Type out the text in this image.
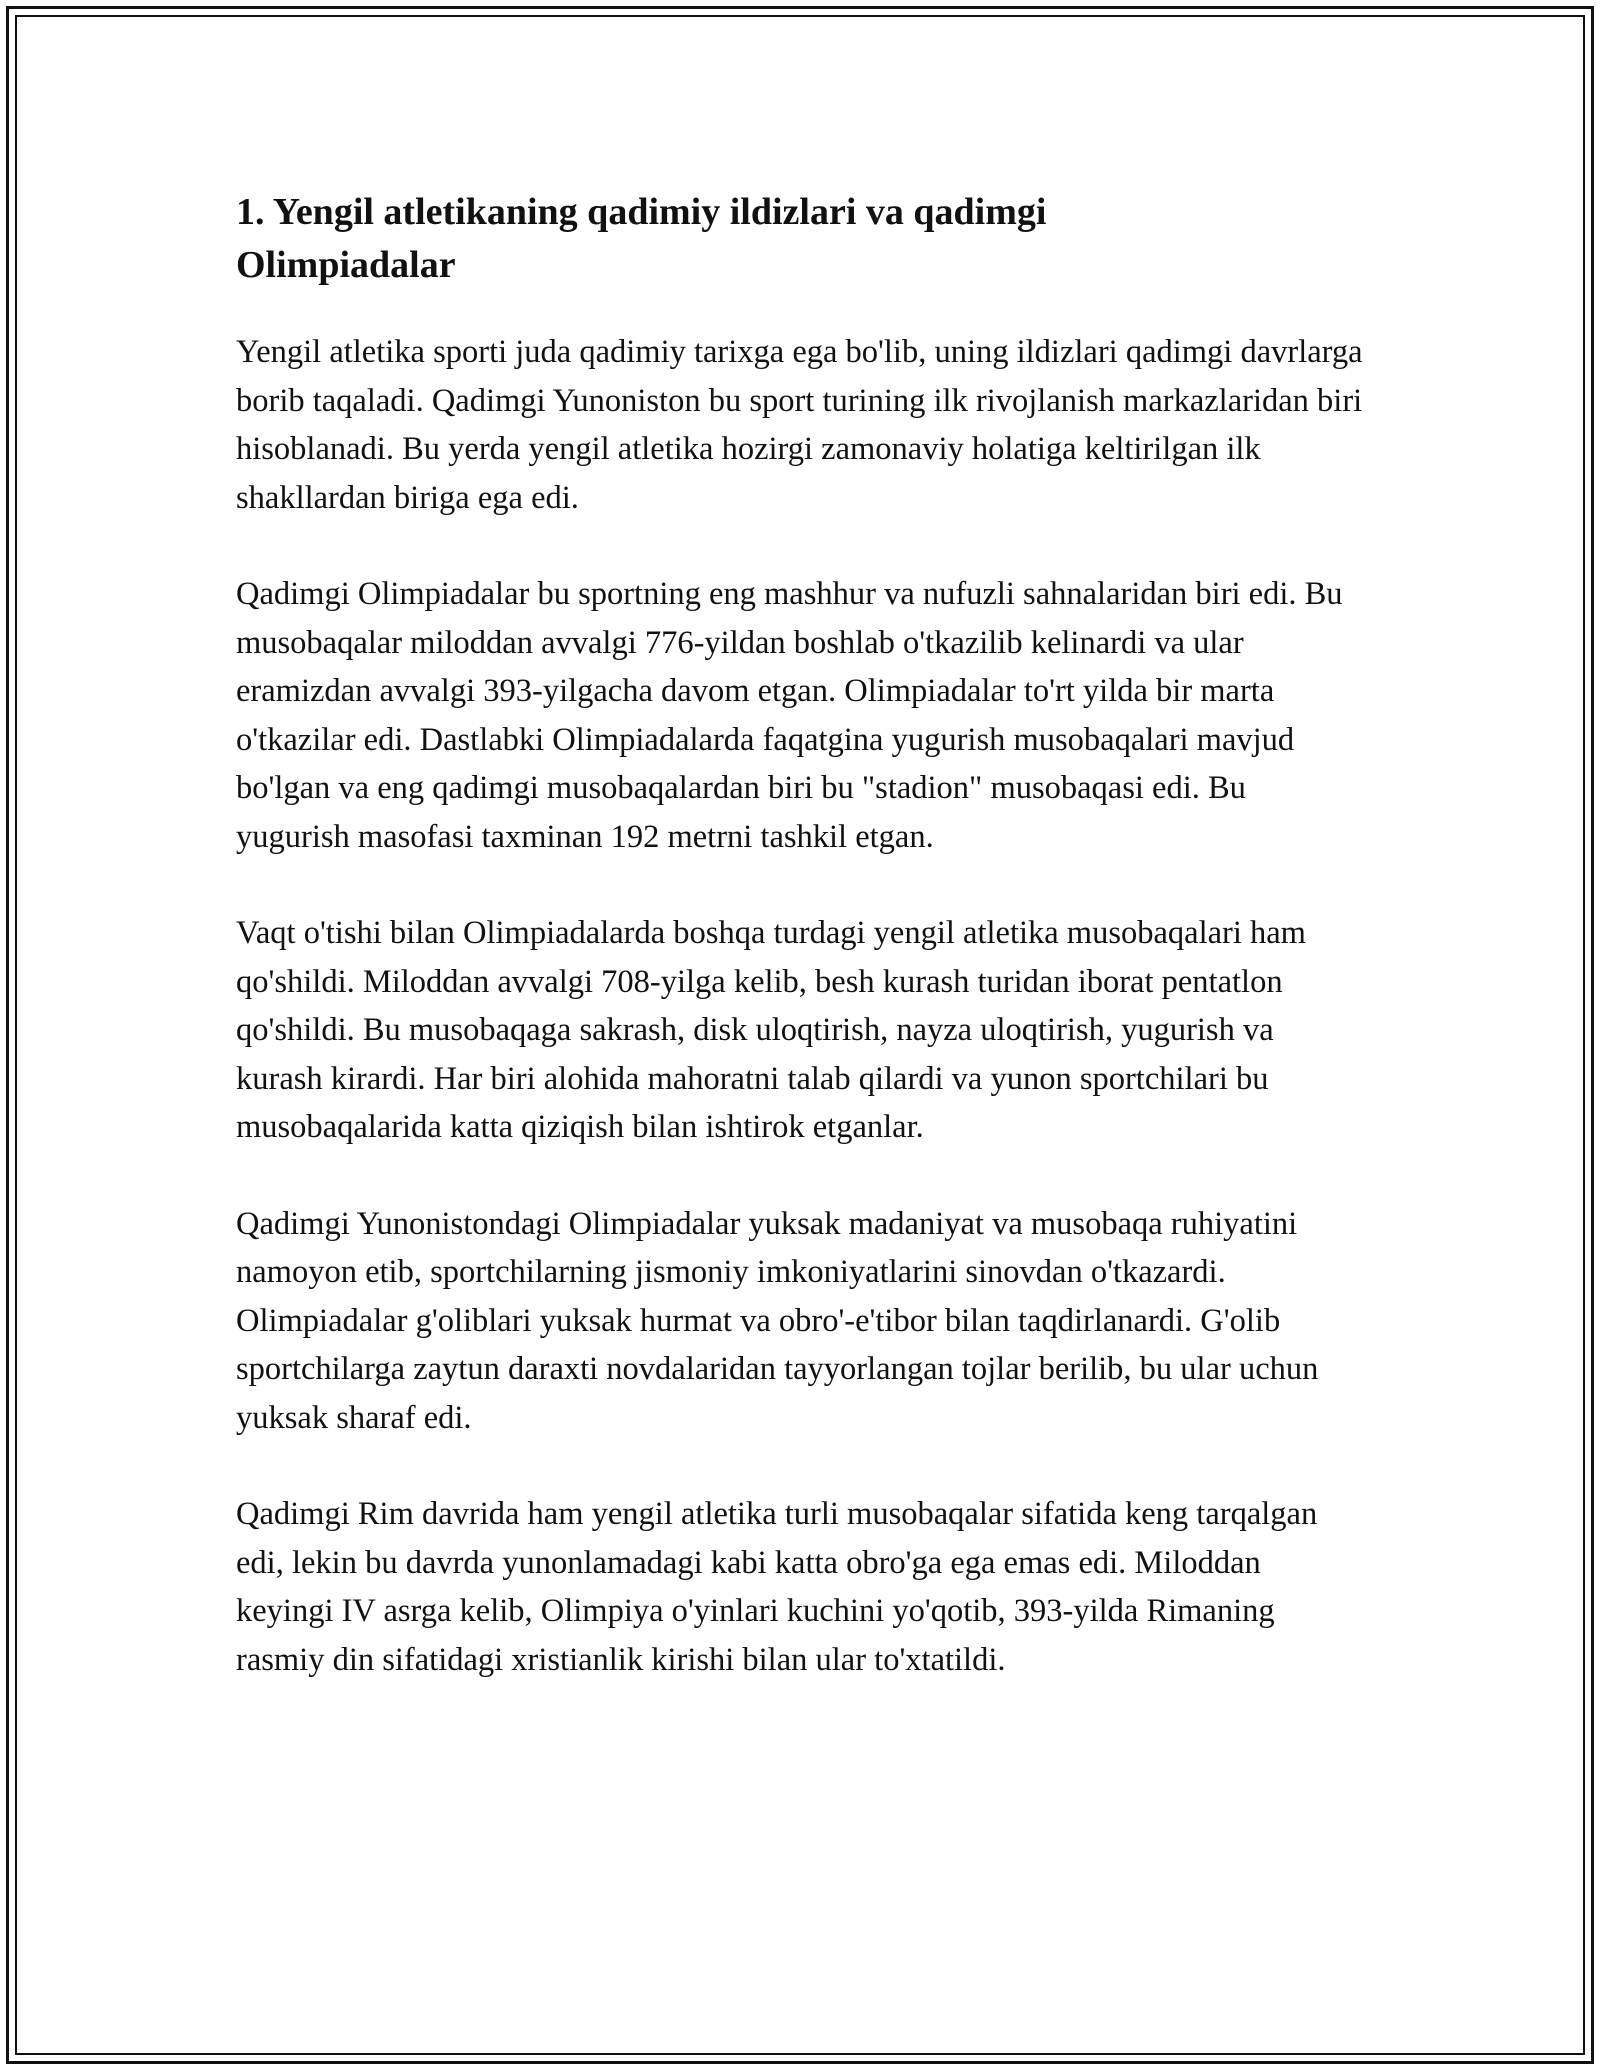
1. Yengil atletikaning qadimiy ildizlari va qadimgi Olimpiadalar

Yengil atletika sporti juda qadimiy tarixga ega bo'lib, uning ildizlari qadimgi davrlarga borib taqaladi. Qadimgi Yunoniston bu sport turining ilk rivojlanish markazlaridan biri hisoblanadi. Bu yerda yengil atletika hozirgi zamonaviy holatiga keltirilgan ilk shakllardan biriga ega edi.

Qadimgi Olimpiadalar bu sportning eng mashhur va nufuzli sahnalaridan biri edi. Bu musobaqalar miloddan avvalgi 776-yildan boshlab o'tkazilib kelinardi va ular eramizdan avvalgi 393-yilgacha davom etgan. Olimpiadalar to'rt yilda bir marta o'tkazilar edi. Dastlabki Olimpiadalarda faqatgina yugurish musobaqalari mavjud bo'lgan va eng qadimgi musobaqalardan biri bu "stadion" musobaqasi edi. Bu yugurish masofasi taxminan 192 metrni tashkil etgan.

Vaqt o'tishi bilan Olimpiadalarda boshqa turdagi yengil atletika musobaqalari ham qo'shildi. Miloddan avvalgi 708-yilga kelib, besh kurash turidan iborat pentatlon qo'shildi. Bu musobaqaga sakrash, disk uloqtirish, nayza uloqtirish, yugurish va kurash kirardi. Har biri alohida mahoratni talab qilardi va yunon sportchilari bu musobaqalarida katta qiziqish bilan ishtirok etganlar.

Qadimgi Yunonistondagi Olimpiadalar yuksak madaniyat va musobaqa ruhiyatini namoyon etib, sportchilarning jismoniy imkoniyatlarini sinovdan o'tkazardi. Olimpiadalar g'oliblari yuksak hurmat va obro'-e'tibor bilan taqdirlanardi. G'olib sportchilarga zaytun daraxti novdalaridan tayyorlangan tojlar berilib, bu ular uchun yuksak sharaf edi.

Qadimgi Rim davrida ham yengil atletika turli musobaqalar sifatida keng tarqalgan edi, lekin bu davrda yunonlamadagi kabi katta obro'ga ega emas edi. Miloddan keyingi IV asrga kelib, Olimpiya o'yinlari kuchini yo'qotib, 393-yilda Rimaning rasmiy din sifatidagi xristianlik kirishi bilan ular to'xtatildi.
